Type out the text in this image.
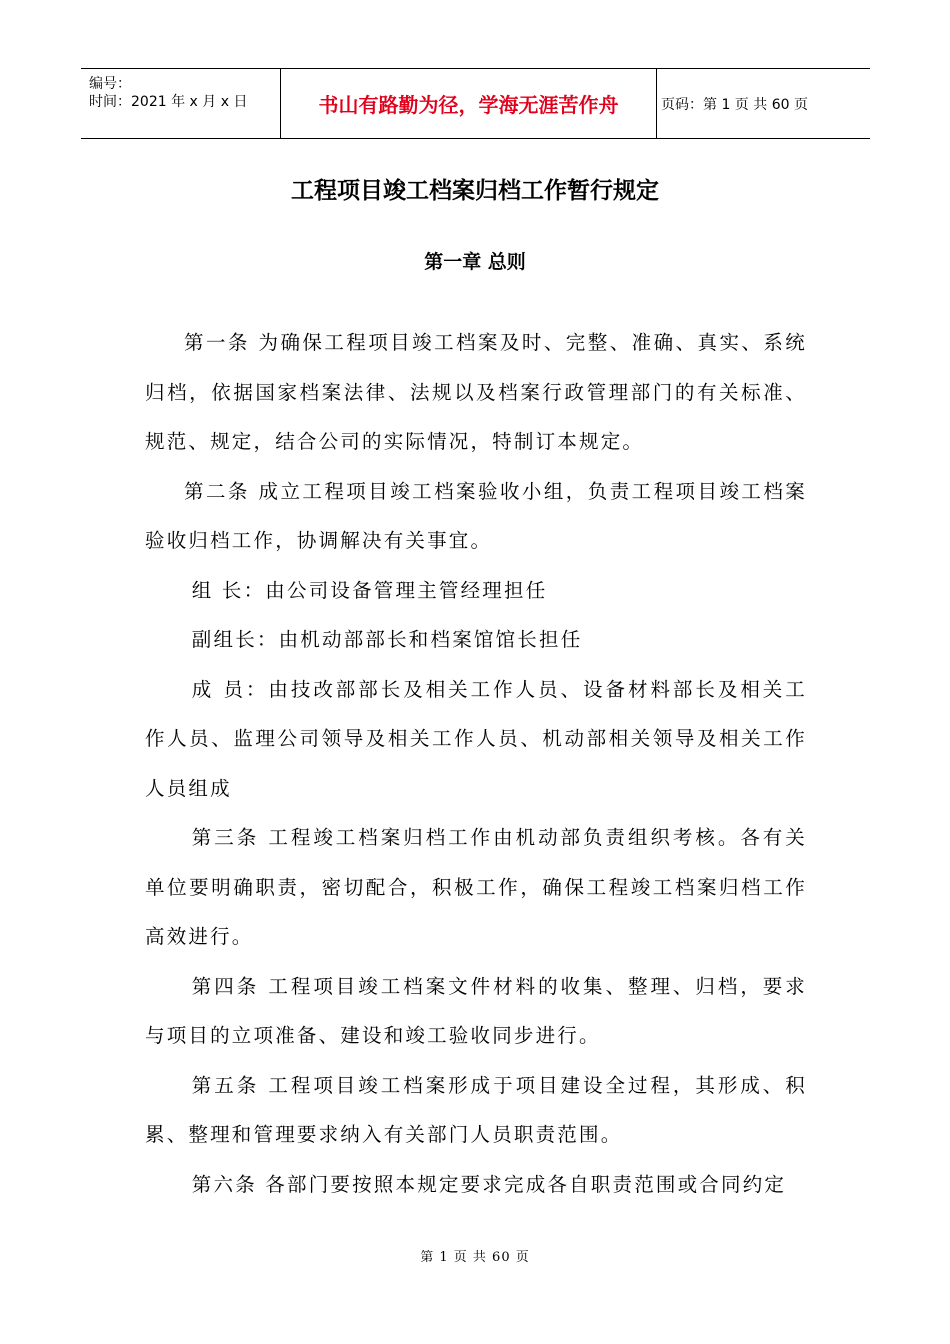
编号：
时间：2021 年 x 月 x 日	书山有路勤为径，学海无涯苦作舟	页码：第 1 页 共 60 页
工程项目竣工档案归档工作暂行规定
第一章 总则

第一条 为确保工程项目竣工档案及时、完整、准确、真实、系统归档，依据国家档案法律、法规以及档案行政管理部门的有关标准、规范、规定，结合公司的实际情况，特制订本规定。

第二条 成立工程项目竣工档案验收小组，负责工程项目竣工档案验收归档工作，协调解决有关事宜。

组 长：由公司设备管理主管经理担任

副组长：由机动部部长和档案馆馆长担任

成 员：由技改部部长及相关工作人员、设备材料部长及相关工作人员、监理公司领导及相关工作人员、机动部相关领导及相关工作人员组成

第三条 工程竣工档案归档工作由机动部负责组织考核。各有关单位要明确职责，密切配合，积极工作，确保工程竣工档案归档工作高效进行。

第四条 工程项目竣工档案文件材料的收集、整理、归档，要求与项目的立项准备、建设和竣工验收同步进行。

第五条 工程项目竣工档案形成于项目建设全过程，其形成、积累、整理和管理要求纳入有关部门人员职责范围。

第六条 各部门要按照本规定要求完成各自职责范围或合同约定

第 1 页 共 60 页
